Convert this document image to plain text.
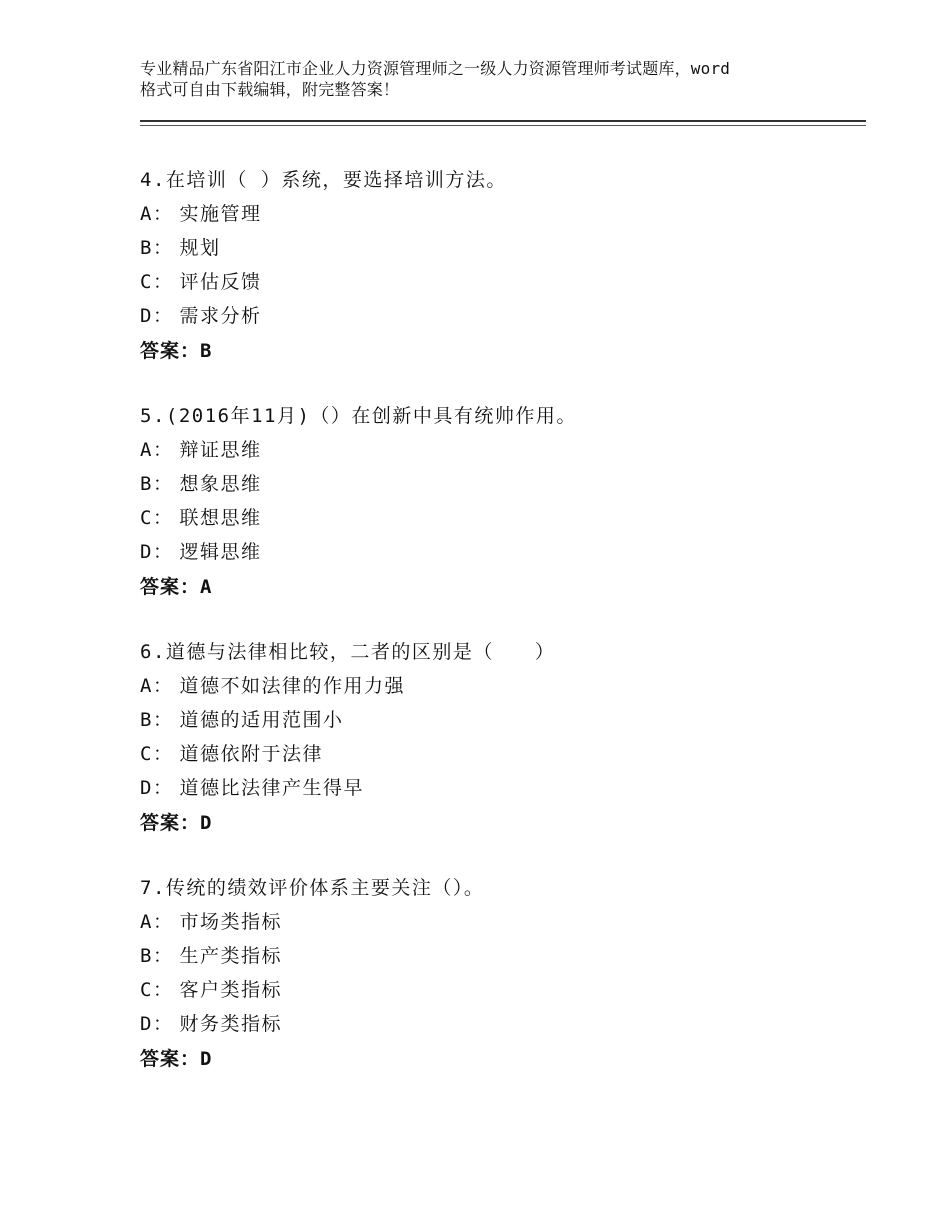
专业精品广东省阳江市企业人力资源管理师之一级人力资源管理师考试题库，word
格式可自由下载编辑，附完整答案！
4.在培训（ ）系统，要选择培训方法。
A： 实施管理
B： 规划
C： 评估反馈
D： 需求分析
答案：B
5.(2016年11月)（）在创新中具有统帅作用。
A： 辩证思维
B： 想象思维
C： 联想思维
D： 逻辑思维
答案：A
6.道德与法律相比较，二者的区别是（　　）
A： 道德不如法律的作用力强
B： 道德的适用范围小
C： 道德依附于法律
D： 道德比法律产生得早
答案：D
7.传统的绩效评价体系主要关注（）。
A： 市场类指标
B： 生产类指标
C： 客户类指标
D： 财务类指标
答案：D
